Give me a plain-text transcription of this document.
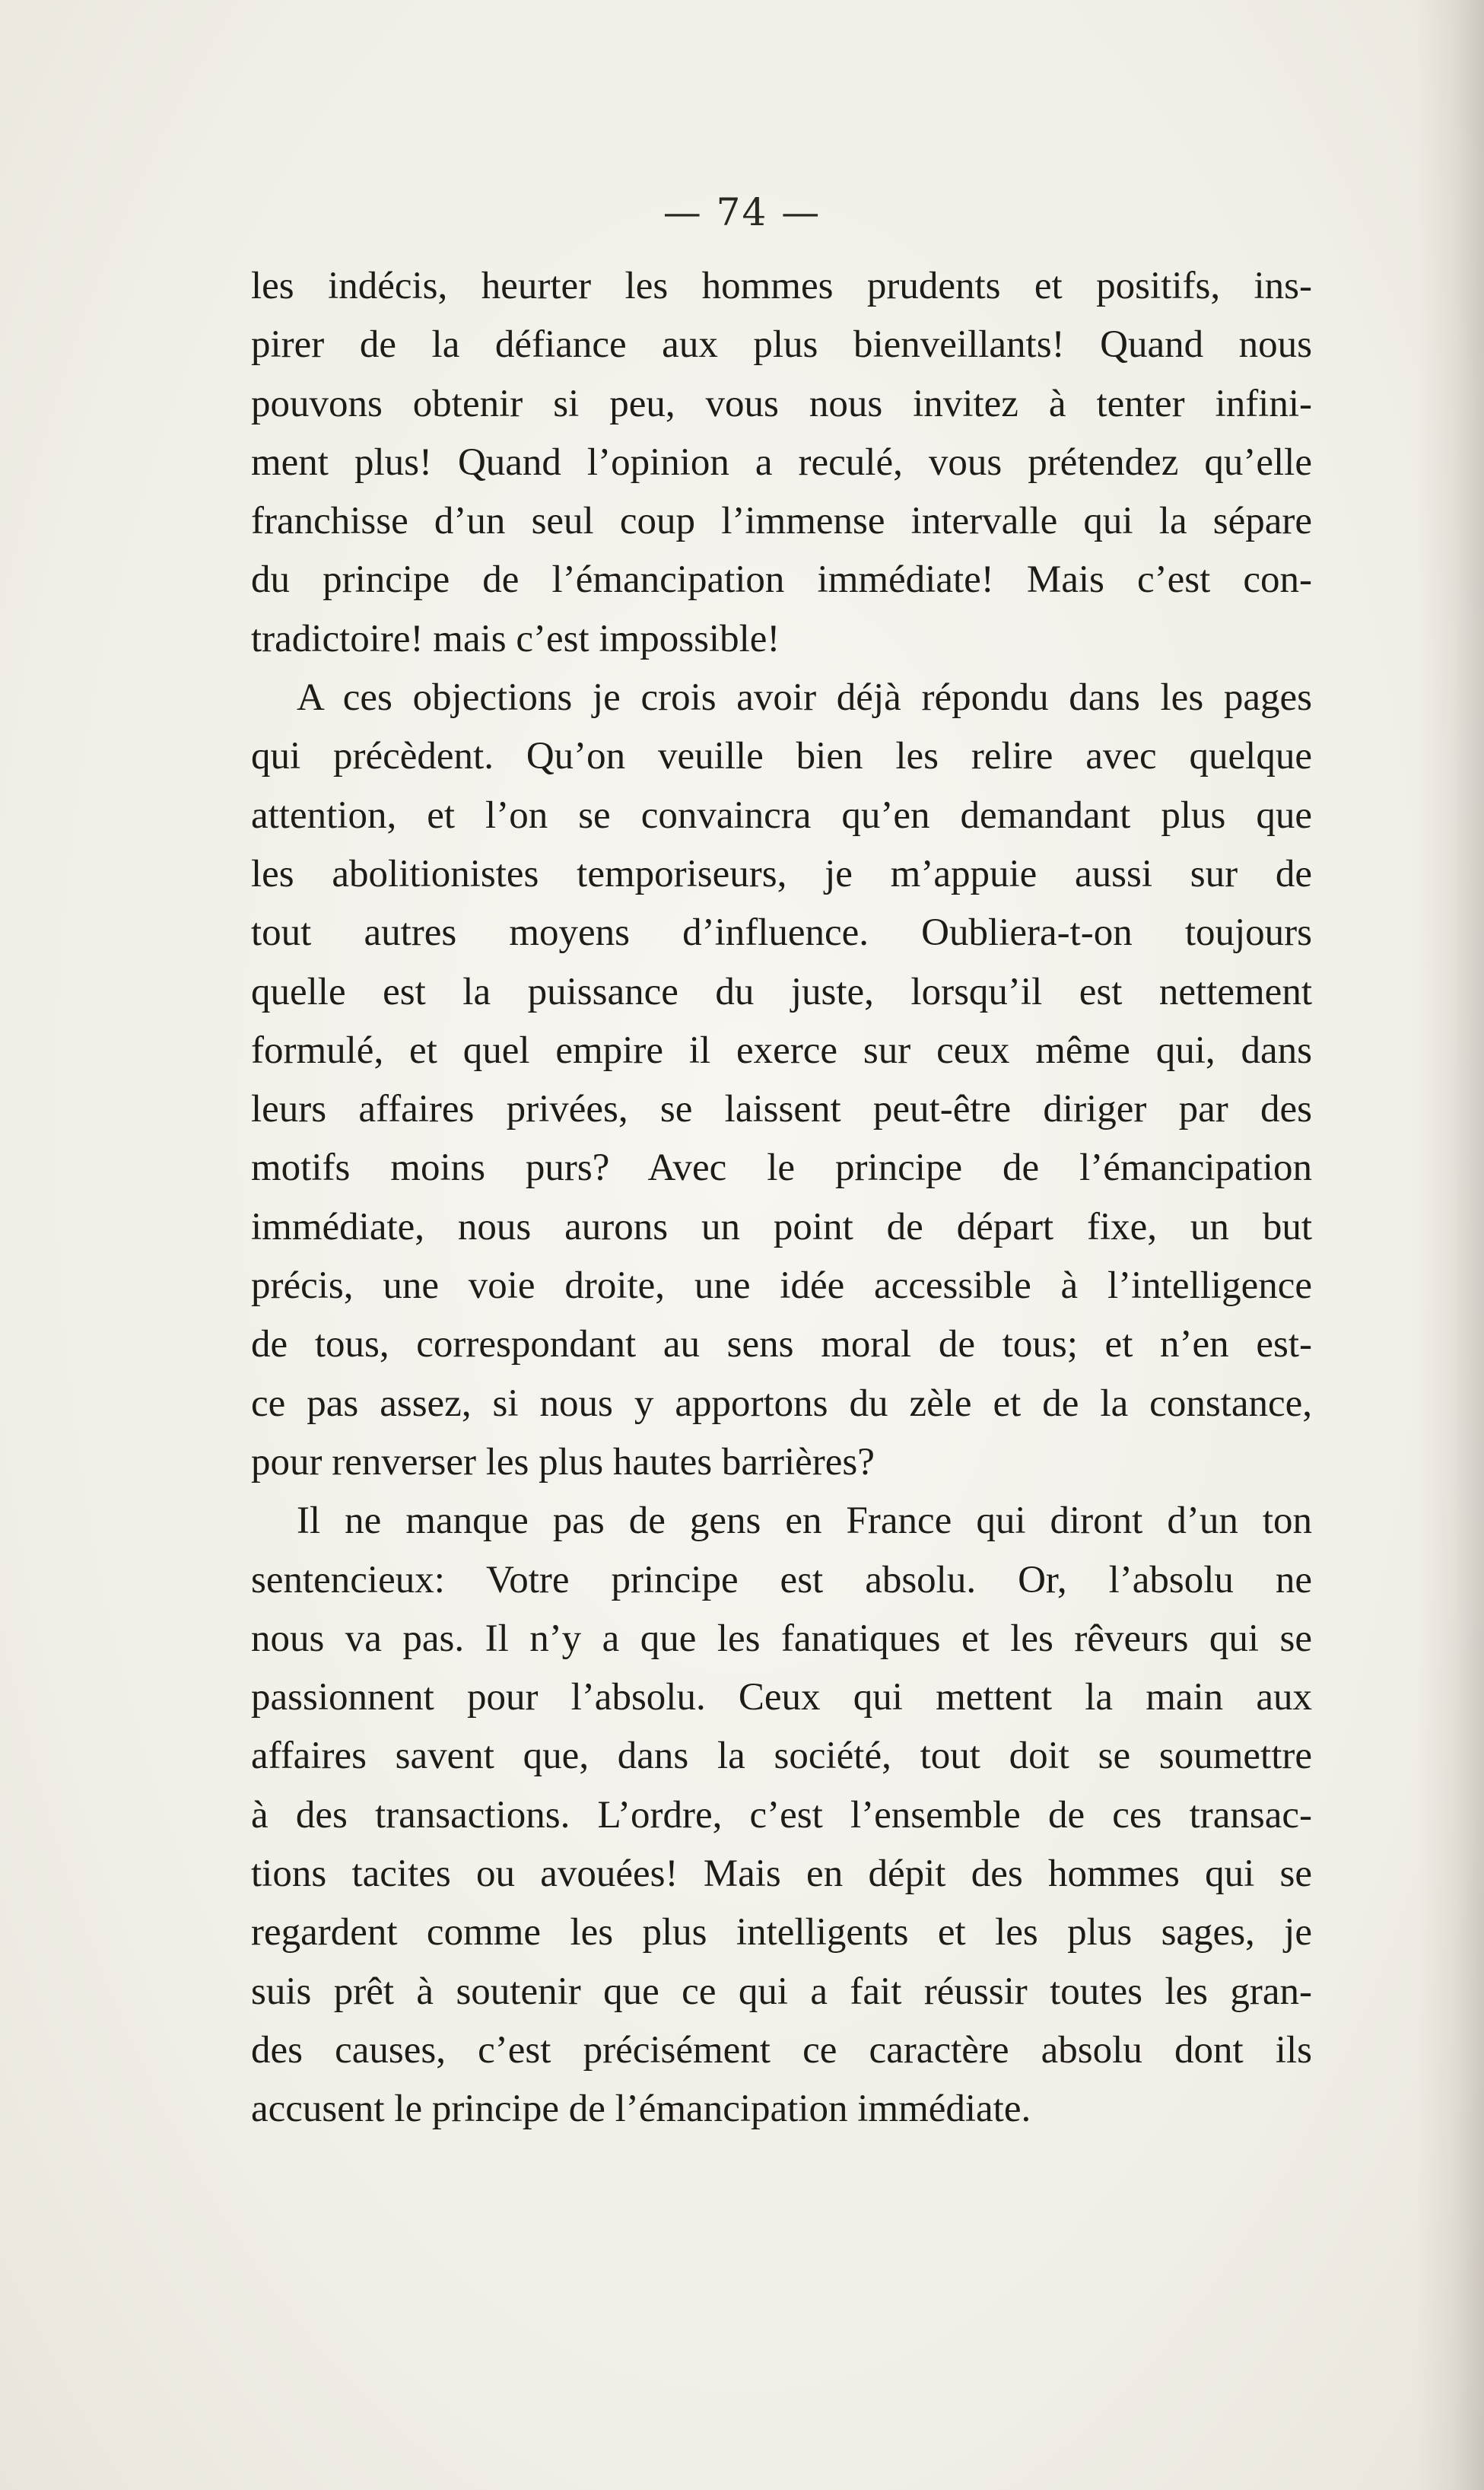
— 74 —
les indécis, heurter les hommes prudents et positifs, ins-
pirer de la défiance aux plus bienveillants! Quand nous
pouvons obtenir si peu, vous nous invitez à tenter infini-
ment plus! Quand l’opinion a reculé, vous prétendez qu’elle
franchisse d’un seul coup l’immense intervalle qui la sépare
du principe de l’émancipation immédiate! Mais c’est con-
tradictoire! mais c’est impossible!
A ces objections je crois avoir déjà répondu dans les pages
qui précèdent. Qu’on veuille bien les relire avec quelque
attention, et l’on se convaincra qu’en demandant plus que
les abolitionistes temporiseurs, je m’appuie aussi sur de
tout autres moyens d’influence. Oubliera-t-on toujours
quelle est la puissance du juste, lorsqu’il est nettement
formulé, et quel empire il exerce sur ceux même qui, dans
leurs affaires privées, se laissent peut-être diriger par des
motifs moins purs? Avec le principe de l’émancipation
immédiate, nous aurons un point de départ fixe, un but
précis, une voie droite, une idée accessible à l’intelligence
de tous, correspondant au sens moral de tous; et n’en est-
ce pas assez, si nous y apportons du zèle et de la constance,
pour renverser les plus hautes barrières?
Il ne manque pas de gens en France qui diront d’un ton
sentencieux: Votre principe est absolu. Or, l’absolu ne
nous va pas. Il n’y a que les fanatiques et les rêveurs qui se
passionnent pour l’absolu. Ceux qui mettent la main aux
affaires savent que, dans la société, tout doit se soumettre
à des transactions. L’ordre, c’est l’ensemble de ces transac-
tions tacites ou avouées! Mais en dépit des hommes qui se
regardent comme les plus intelligents et les plus sages, je
suis prêt à soutenir que ce qui a fait réussir toutes les gran-
des causes, c’est précisément ce caractère absolu dont ils
accusent le principe de l’émancipation immédiate.
